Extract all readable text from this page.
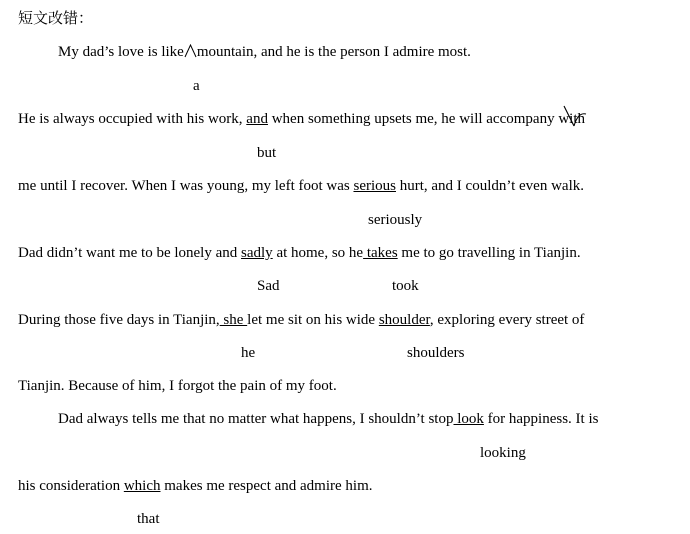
短文改错：
My dad’s love is like mountain, and he is the person I admire most.
a
He is always occupied with his work, and when something upsets me, he will accompany with
but
me until I recover. When I was young, my left foot was serious hurt, and I couldn’t even walk.
seriously
Dad didn’t want me to be lonely and sadly at home, so he takes me to go travelling in Tianjin.
Sad	took
During those five days in Tianjin, she let me sit on his wide shoulder, exploring every street of
he	shoulders
Tianjin. Because of him, I forgot the pain of my foot.
Dad always tells me that no matter what happens, I shouldn’t stop look for happiness. It is
looking
his consideration which makes me respect and admire him.
that
